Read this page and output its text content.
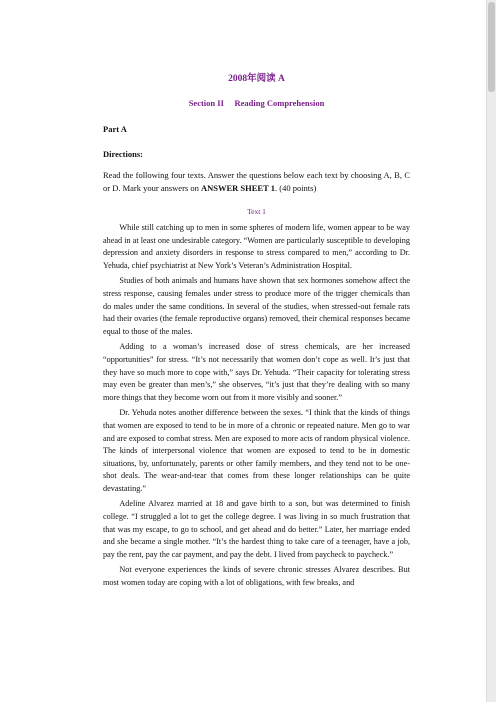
2008年阅读 A
Section II     Reading Comprehension
Part A
Directions:
Read the following four texts. Answer the questions below each text by choosing A, B, C or D. Mark your answers on ANSWER SHEET 1. (40 points)
Text 1

While still catching up to men in some spheres of modern life, women appear to be way ahead in at least one undesirable category. “Women are particularly susceptible to developing depression and anxiety disorders in response to stress compared to men,” according to Dr. Yehuda, chief psychiatrist at New York’s Veteran’s Administration Hospital.

Studies of both animals and humans have shown that sex hormones somehow affect the stress response, causing females under stress to produce more of the trigger chemicals than do males under the same conditions. In several of the studies, when stressed-out female rats had their ovaries (the female reproductive organs) removed, their chemical responses became equal to those of the males.

Adding to a woman’s increased dose of stress chemicals, are her increased “opportunities” for stress. “It’s not necessarily that women don’t cope as well. It’s just that they have so much more to cope with,” says Dr. Yehuda. “Their capacity for tolerating stress may even be greater than men’s,” she observes, “it’s just that they’re dealing with so many more things that they become worn out from it more visibly and sooner.”

Dr. Yehuda notes another difference between the sexes. “I think that the kinds of things that women are exposed to tend to be in more of a chronic or repeated nature. Men go to war and are exposed to combat stress. Men are exposed to more acts of random physical violence. The kinds of interpersonal violence that women are exposed to tend to be in domestic situations, by, unfortunately, parents or other family members, and they tend not to be one-shot deals. The wear-and-tear that comes from these longer relationships can be quite devastating.”

Adeline Alvarez married at 18 and gave birth to a son, but was determined to finish college. “I struggled a lot to get the college degree. I was living in so much frustration that that was my escape, to go to school, and get ahead and do better.” Later, her marriage ended and she became a single mother. “It’s the hardest thing to take care of a teenager, have a job, pay the rent, pay the car payment, and pay the debt. I lived from paycheck to paycheck.”

Not everyone experiences the kinds of severe chronic stresses Alvarez describes. But most women today are coping with a lot of obligations, with few breaks, and
